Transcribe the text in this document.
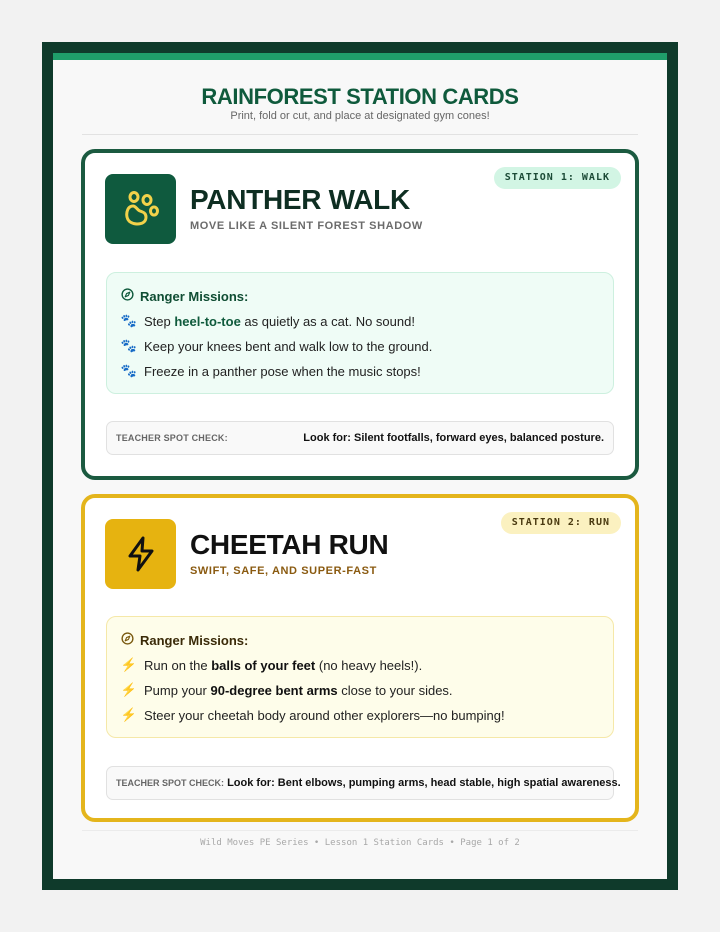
RAINFOREST STATION CARDS
Print, fold or cut, and place at designated gym cones!
STATION 1: WALK
PANTHER WALK
MOVE LIKE A SILENT FOREST SHADOW
Ranger Missions:
🐾 Step heel-to-toe as quietly as a cat. No sound!
🐾 Keep your knees bent and walk low to the ground.
🐾 Freeze in a panther pose when the music stops!
TEACHER SPOT CHECK:	Look for: Silent footfalls, forward eyes, balanced posture.
STATION 2: RUN
CHEETAH RUN
SWIFT, SAFE, AND SUPER-FAST
Ranger Missions:
⚡ Run on the balls of your feet (no heavy heels!).
⚡ Pump your 90-degree bent arms close to your sides.
⚡ Steer your cheetah body around other explorers—no bumping!
TEACHER SPOT CHECK: Look for: Bent elbows, pumping arms, head stable, high spatial awareness.
Wild Moves PE Series • Lesson 1 Station Cards • Page 1 of 2
